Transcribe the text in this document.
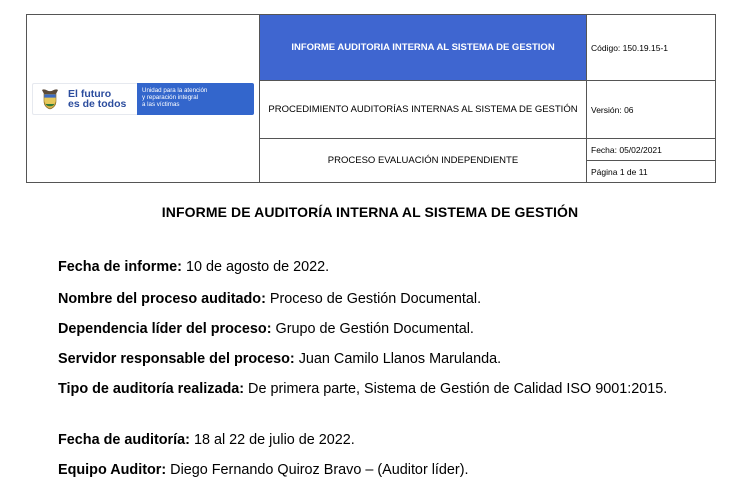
El futuro
es de todos
Unidad para la atención
y reparación integral
a las víctimas	INFORME AUDITORIA INTERNA AL SISTEMA DE GESTION	Código: 150.19.15-1
	PROCEDIMIENTO AUDITORÍAS INTERNAS AL SISTEMA DE GESTIÓN	Versión: 06
	PROCESO EVALUACIÓN INDEPENDIENTE	Fecha: 05/02/2021
Página 1 de 11
INFORME DE AUDITORÍA INTERNA AL SISTEMA DE GESTIÓN

Fecha de informe: 10 de agosto de 2022.

Nombre del proceso auditado: Proceso de Gestión Documental.

Dependencia líder del proceso: Grupo de Gestión Documental.

Servidor responsable del proceso: Juan Camilo Llanos Marulanda.

Tipo de auditoría realizada: De primera parte, Sistema de Gestión de Calidad ISO 9001:2015.

Fecha de auditoría: 18 al 22 de julio de 2022.

Equipo Auditor: Diego Fernando Quiroz Bravo – (Auditor líder).
